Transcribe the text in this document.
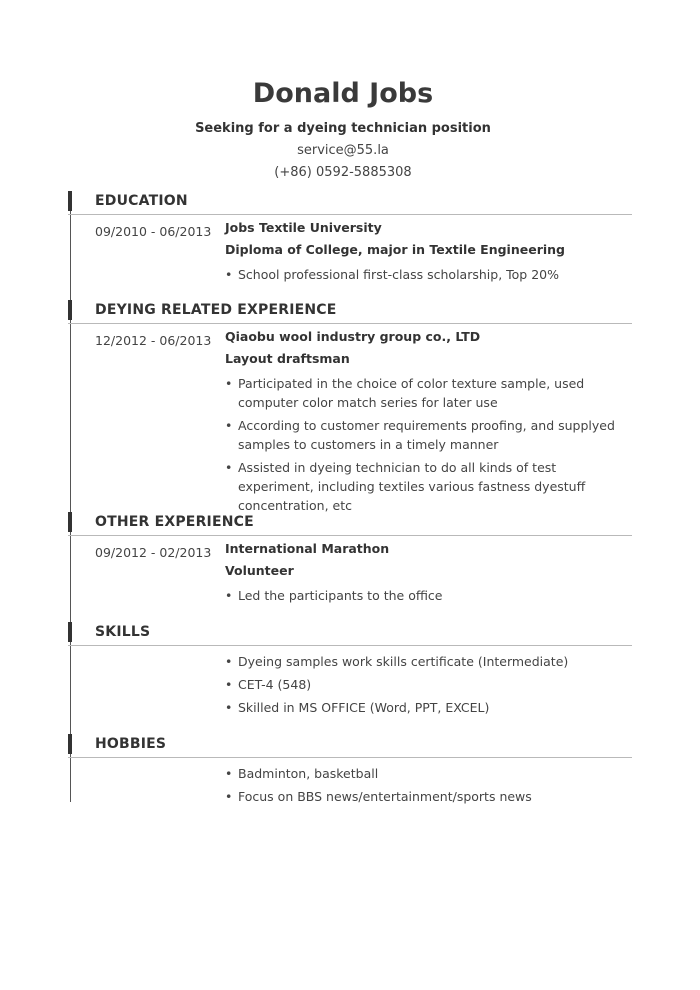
Donald Jobs
Seeking for a dyeing technician position
service@55.la
(+86) 0592-5885308
EDUCATION
09/2010 - 06/2013 Jobs Textile University
Diploma of College, major in Textile Engineering
• School professional first-class scholarship, Top 20%
DEYING RELATED EXPERIENCE
12/2012 - 06/2013 Qiaobu wool industry group co., LTD
Layout draftsman
• Participated in the choice of color texture sample, used computer color match series for later use
• According to customer requirements proofing, and supplyed samples to customers in a timely manner
• Assisted in dyeing technician to do all kinds of test experiment, including textiles various fastness dyestuff concentration, etc
OTHER EXPERIENCE
09/2012 - 02/2013 International Marathon
Volunteer
• Led the participants to the office
SKILLS
• Dyeing samples work skills certificate (Intermediate)
• CET-4 (548)
• Skilled in MS OFFICE (Word, PPT, EXCEL)
HOBBIES
• Badminton, basketball
• Focus on BBS news/entertainment/sports news
